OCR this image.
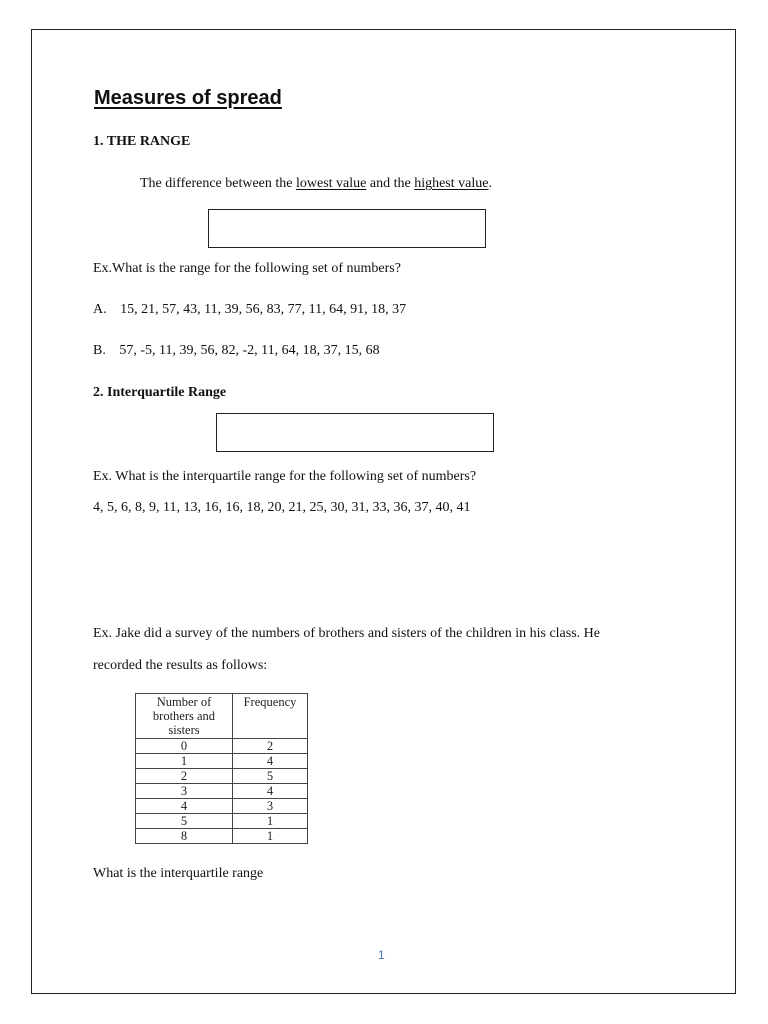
Measures of spread
1. THE RANGE
The difference between the lowest value and the highest value.
Ex.What is the range for the following set of numbers?
A. 15, 21, 57, 43, 11, 39, 56, 83, 77, 11, 64, 91, 18, 37
B. 57, -5, 11, 39, 56, 82, -2, 11, 64, 18, 37, 15, 68
2. Interquartile Range
Ex. What is the interquartile range for the following set of numbers?
4, 5, 6, 8, 9, 11, 13, 16, 16, 18, 20, 21, 25, 30, 31, 33, 36, 37, 40, 41
Ex. Jake did a survey of the numbers of brothers and sisters of the children in his class. He
recorded the results as follows:
Number of
brothers and
sisters	Frequency
0	2
1	4
2	5
3	4
4	3
5	1
8	1
What is the interquartile range
1
